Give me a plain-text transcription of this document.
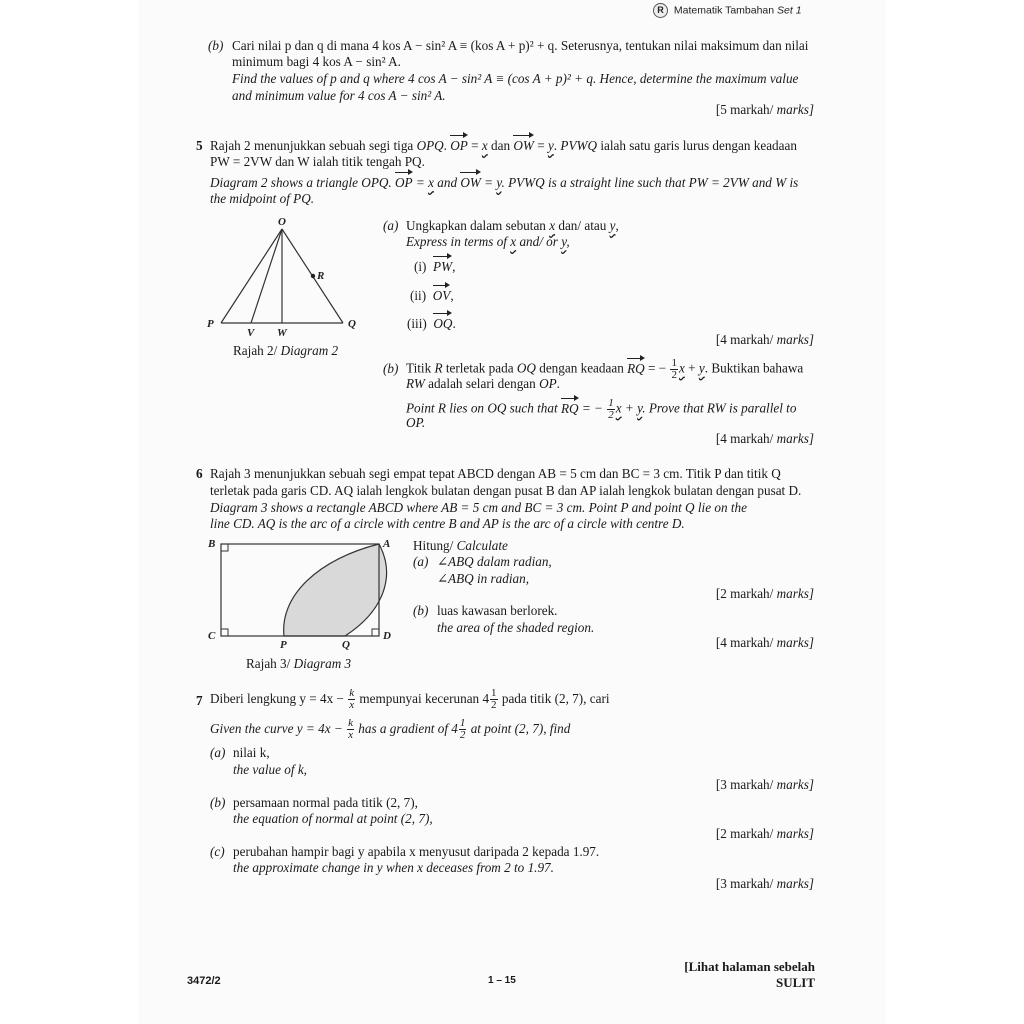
R Matematik Tambahan Set 1
(b) Cari nilai p dan q di mana 4 kos A − sin² A ≡ (kos A + p)² + q. Seterusnya, tentukan nilai maksimum dan nilai
minimum bagi 4 kos A − sin² A.
Find the values of p and q where 4 cos A − sin² A ≡ (cos A + p)² + q. Hence, determine the maximum value
and minimum value for 4 cos A − sin² A.
[5 markah/ marks]
5 Rajah 2 menunjukkan sebuah segi tiga OPQ. OP = x dan OW = y. PVWQ ialah satu garis lurus dengan keadaan
PW = 2VW dan W ialah titik tengah PQ.
Diagram 2 shows a triangle OPQ. OP = x and OW = y. PVWQ is a straight line such that PW = 2VW and W is
the midpoint of PQ.
O
P
V W
Q
R
Rajah 2/ Diagram 2
(a) Ungkapkan dalam sebutan x dan/ atau y,
Express in terms of x and/ or y,
(i)  PW,
(ii)  OV,
(iii)  OQ.
[4 markah/ marks]
(b) Titik R terletak pada OQ dengan keadaan RQ = − $\frac{1}{2}$ x + y. Buktikan bahawa
RW adalah selari dengan OP.
Point R lies on OQ such that RQ = − $\frac{1}{2}$ x + y. Prove that RW is parallel to
OP.
[4 markah/ marks]
6 Rajah 3 menunjukkan sebuah segi empat tepat ABCD dengan AB = 5 cm dan BC = 3 cm. Titik P dan titik Q
terletak pada garis CD. AQ ialah lengkok bulatan dengan pusat B dan AP ialah lengkok bulatan dengan pusat D.
Diagram 3 shows a rectangle ABCD where AB = 5 cm and BC = 3 cm. Point P and point Q lie on the
line CD. AQ is the arc of a circle with centre B and AP is the arc of a circle with centre D.
B	A
C	D
P	Q
Rajah 3/ Diagram 3
Hitung/ Calculate
(a) ∠ABQ dalam radian,
∠ABQ in radian,
[2 markah/ marks]
(b) luas kawasan berlorek.
the area of the shaded region.
[4 markah/ marks]
7 Diberi lengkung $y = 4x - \frac{k}{x}$ mempunyai kecerunan $4 \frac{1}{2}$ pada titik (2, 7), cari
Given the curve $y = 4x - \frac{k}{x}$ has a gradient of $4 \frac{1}{2}$ at point (2, 7), find
(a) nilai k,
the value of k,
[3 markah/ marks]
(b) persamaan normal pada titik (2, 7),
the equation of normal at point (2, 7),
[2 markah/ marks]
(c) perubahan hampir bagi y apabila x menyusut daripada 2 kepada 1.97.
the approximate change in y when x deceases from 2 to 1.97.
[3 markah/ marks]
[Lihat halaman sebelah
3472/2	1 – 15	SULIT
